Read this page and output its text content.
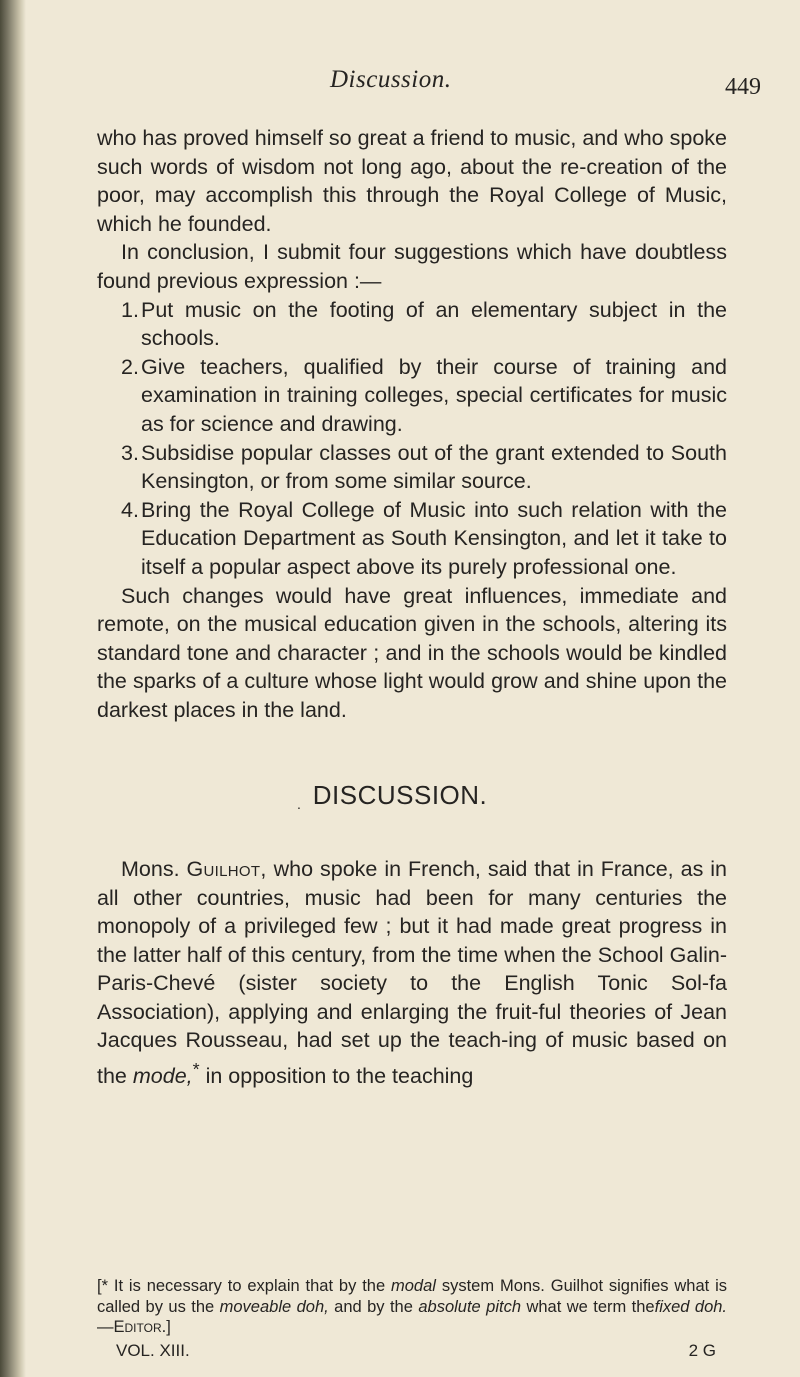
Discussion.	449

who has proved himself so great a friend to music, and who spoke such words of wisdom not long ago, about the re-creation of the poor, may accomplish this through the Royal College of Music, which he founded.

In conclusion, I submit four suggestions which have doubtless found previous expression :—

1. Put music on the footing of an elementary subject in the schools.
2. Give teachers, qualified by their course of training and examination in training colleges, special certificates for music as for science and drawing.
3. Subsidise popular classes out of the grant extended to South Kensington, or from some similar source.
4. Bring the Royal College of Music into such relation with the Education Department as South Kensington, and let it take to itself a popular aspect above its purely professional one.

Such changes would have great influences, immediate and remote, on the musical education given in the schools, altering its standard tone and character ; and in the schools would be kindled the sparks of a culture whose light would grow and shine upon the darkest places in the land.

. DISCUSSION.

Mons. Guilhot, who spoke in French, said that in France, as in all other countries, music had been for many centuries the monopoly of a privileged few ; but it had made great progress in the latter half of this century, from the time when the School Galin-Paris-Chevé (sister society to the English Tonic Sol-fa Association), applying and enlarging the fruit-ful theories of Jean Jacques Rousseau, had set up the teach-ing of music based on the mode,* in opposition to the teaching

[* It is necessary to explain that by the modal system Mons. Guilhot signifies what is called by us the moveable doh, and by the absolute pitch what we term thefixed doh.—Editor.]
VOL. XIII.	2 G
